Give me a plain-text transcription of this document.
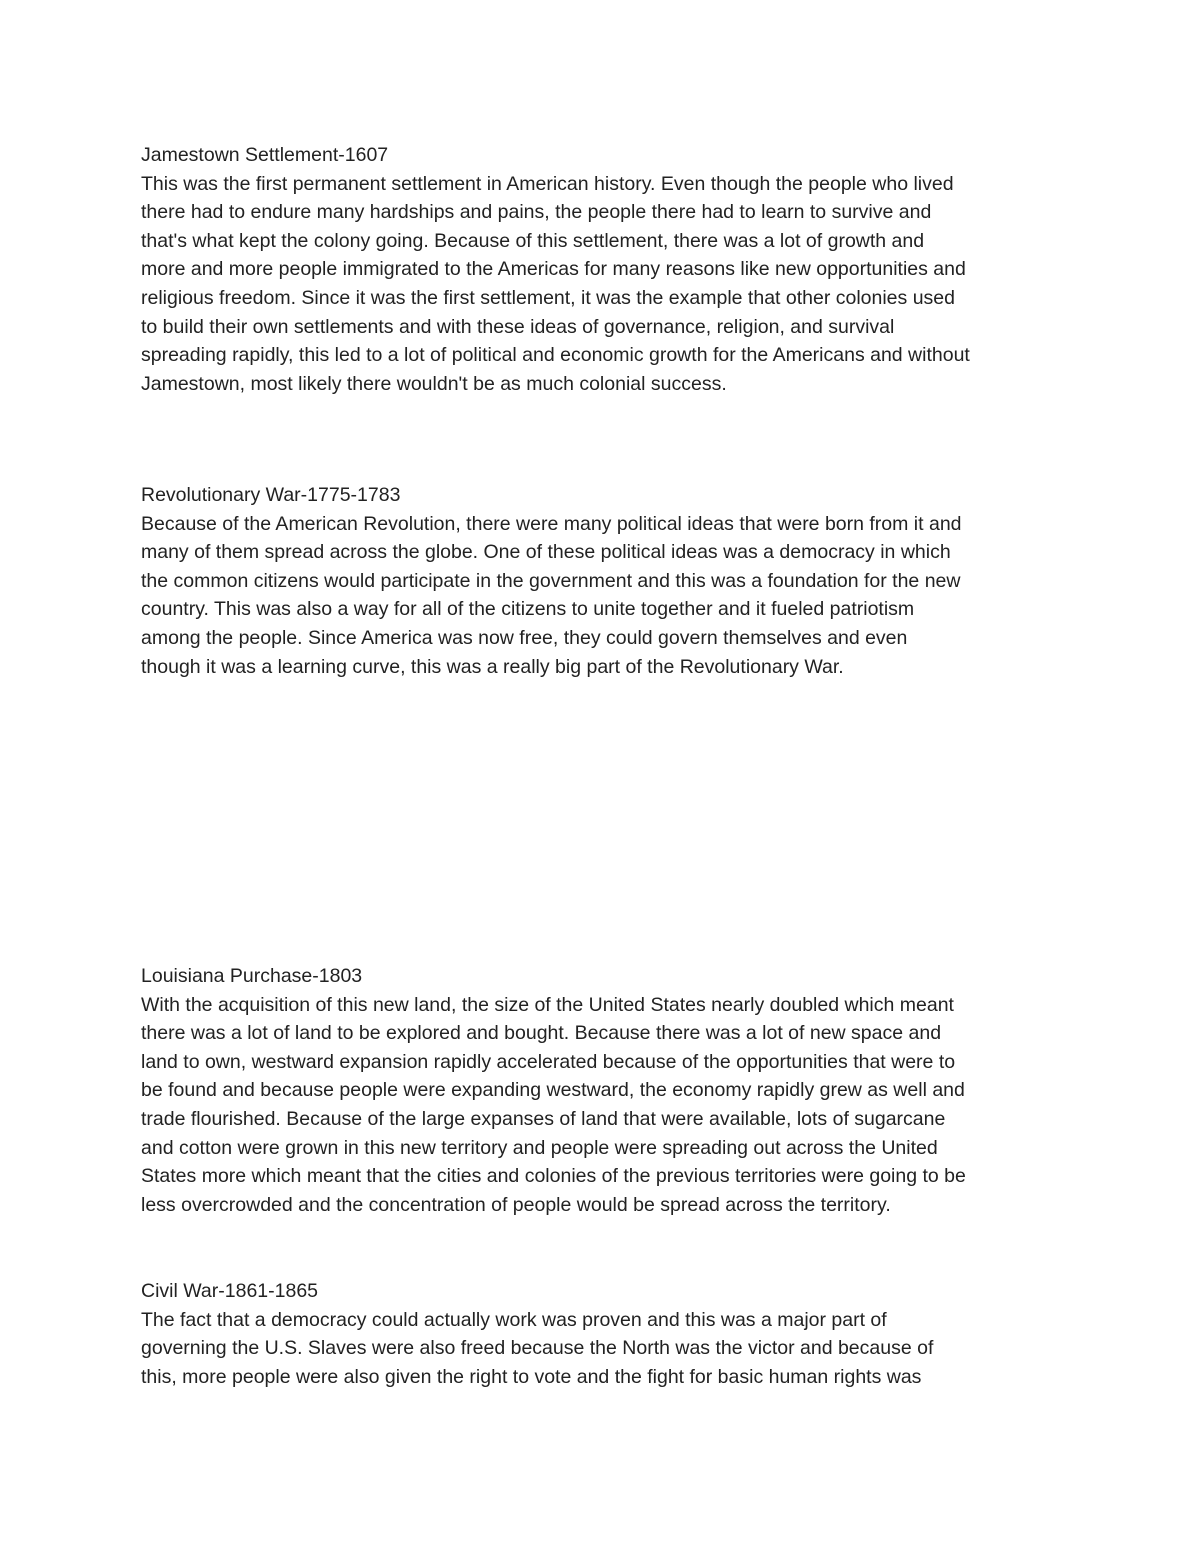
Jamestown Settlement-1607
This was the first permanent settlement in American history. Even though the people who lived
there had to endure many hardships and pains, the people there had to learn to survive and
that's what kept the colony going. Because of this settlement, there was a lot of growth and
more and more people immigrated to the Americas for many reasons like new opportunities and
religious freedom. Since it was the first settlement, it was the example that other colonies used
to build their own settlements and with these ideas of governance, religion, and survival
spreading rapidly, this led to a lot of political and economic growth for the Americans and without
Jamestown, most likely there wouldn't be as much colonial success.
Revolutionary War-1775-1783
Because of the American Revolution, there were many political ideas that were born from it and
many of them spread across the globe. One of these political ideas was a democracy in which
the common citizens would participate in the government and this was a foundation for the new
country. This was also a way for all of the citizens to unite together and it fueled patriotism
among the people. Since America was now free, they could govern themselves and even
though it was a learning curve, this was a really big part of the Revolutionary War.
Louisiana Purchase-1803
With the acquisition of this new land, the size of the United States nearly doubled which meant
there was a lot of land to be explored and bought. Because there was a lot of new space and
land to own, westward expansion rapidly accelerated because of the opportunities that were to
be found and because people were expanding westward, the economy rapidly grew as well and
trade flourished. Because of the large expanses of land that were available, lots of sugarcane
and cotton were grown in this new territory and people were spreading out across the United
States more which meant that the cities and colonies of the previous territories were going to be
less overcrowded and the concentration of people would be spread across the territory.
Civil War-1861-1865
The fact that a democracy could actually work was proven and this was a major part of
governing the U.S. Slaves were also freed because the North was the victor and because of
this, more people were also given the right to vote and the fight for basic human rights was
